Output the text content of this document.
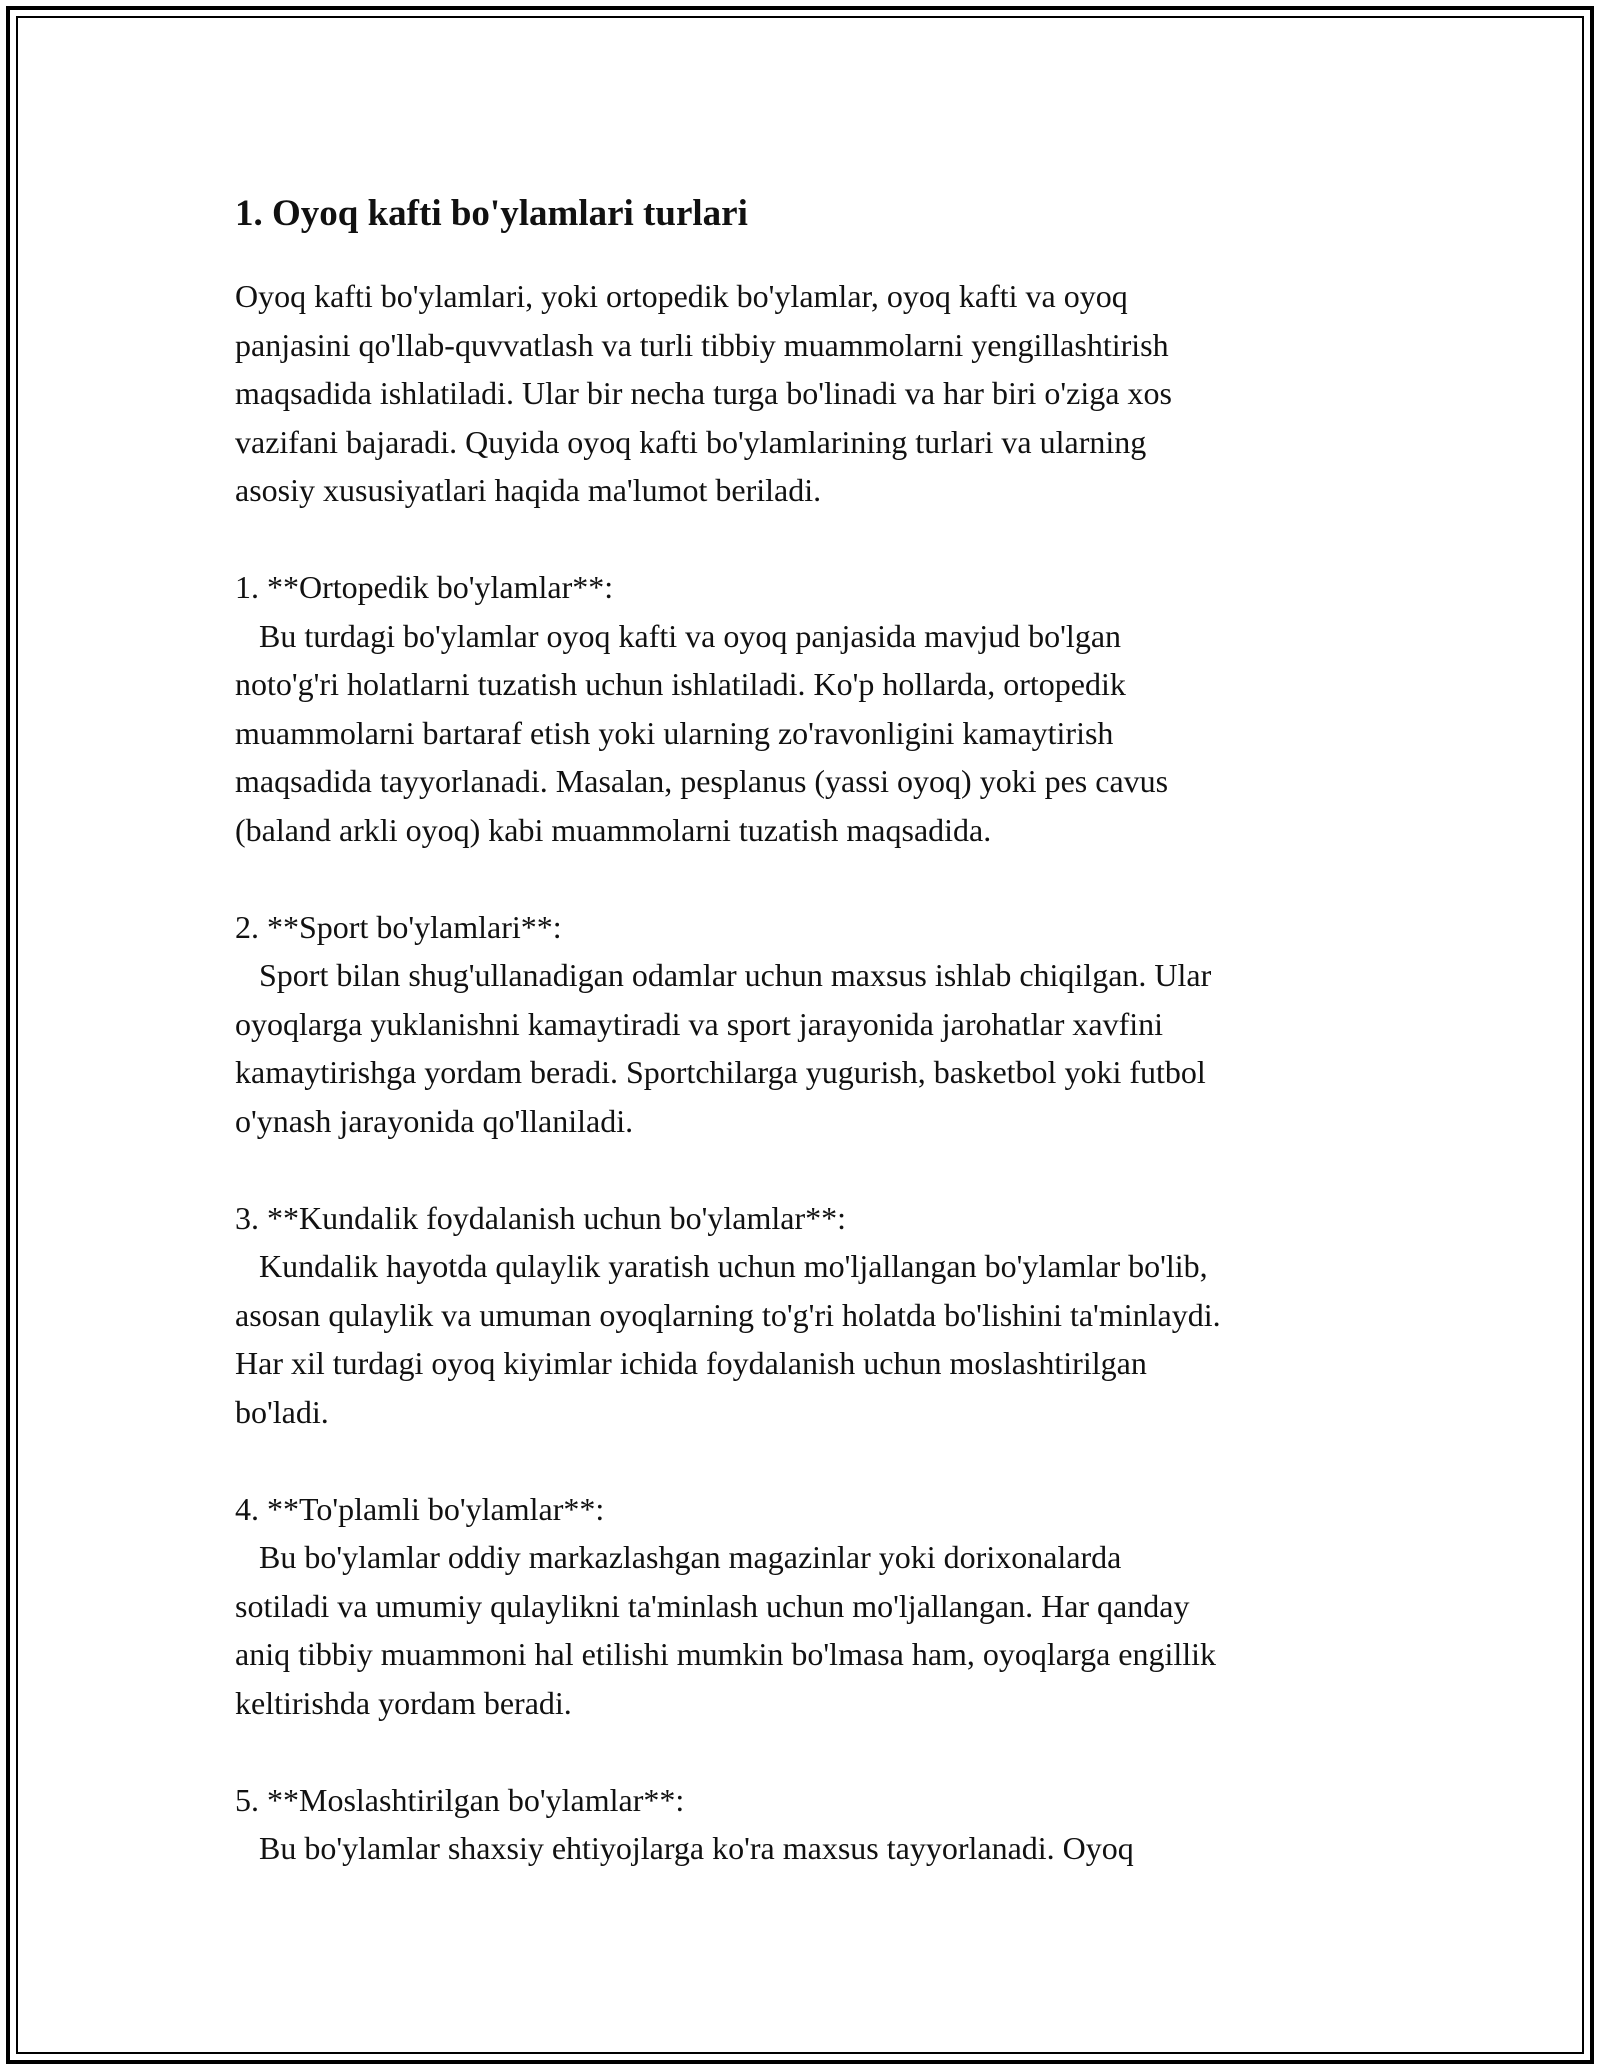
1. Oyoq kafti bo'ylamlari turlari

Oyoq kafti bo'ylamlari, yoki ortopedik bo'ylamlar, oyoq kafti va oyoq
panjasini qo'llab-quvvatlash va turli tibbiy muammolarni yengillashtirish
maqsadida ishlatiladi. Ular bir necha turga bo'linadi va har biri o'ziga xos
vazifani bajaradi. Quyida oyoq kafti bo'ylamlarining turlari va ularning
asosiy xususiyatlari haqida ma'lumot beriladi.

1. **Ortopedik bo'ylamlar**:

Bu turdagi bo'ylamlar oyoq kafti va oyoq panjasida mavjud bo'lgan
noto'g'ri holatlarni tuzatish uchun ishlatiladi. Ko'p hollarda, ortopedik
muammolarni bartaraf etish yoki ularning zo'ravonligini kamaytirish
maqsadida tayyorlanadi. Masalan, pesplanus (yassi oyoq) yoki pes cavus
(baland arkli oyoq) kabi muammolarni tuzatish maqsadida.

2. **Sport bo'ylamlari**:

Sport bilan shug'ullanadigan odamlar uchun maxsus ishlab chiqilgan. Ular
oyoqlarga yuklanishni kamaytiradi va sport jarayonida jarohatlar xavfini
kamaytirishga yordam beradi. Sportchilarga yugurish, basketbol yoki futbol
o'ynash jarayonida qo'llaniladi.

3. **Kundalik foydalanish uchun bo'ylamlar**:

Kundalik hayotda qulaylik yaratish uchun mo'ljallangan bo'ylamlar bo'lib,
asosan qulaylik va umuman oyoqlarning to'g'ri holatda bo'lishini ta'minlaydi.
Har xil turdagi oyoq kiyimlar ichida foydalanish uchun moslashtirilgan
bo'ladi.

4. **To'plamli bo'ylamlar**:

Bu bo'ylamlar oddiy markazlashgan magazinlar yoki dorixonalarda
sotiladi va umumiy qulaylikni ta'minlash uchun mo'ljallangan. Har qanday
aniq tibbiy muammoni hal etilishi mumkin bo'lmasa ham, oyoqlarga engillik
keltirishda yordam beradi.

5. **Moslashtirilgan bo'ylamlar**:

Bu bo'ylamlar shaxsiy ehtiyojlarga ko'ra maxsus tayyorlanadi. Oyoq
